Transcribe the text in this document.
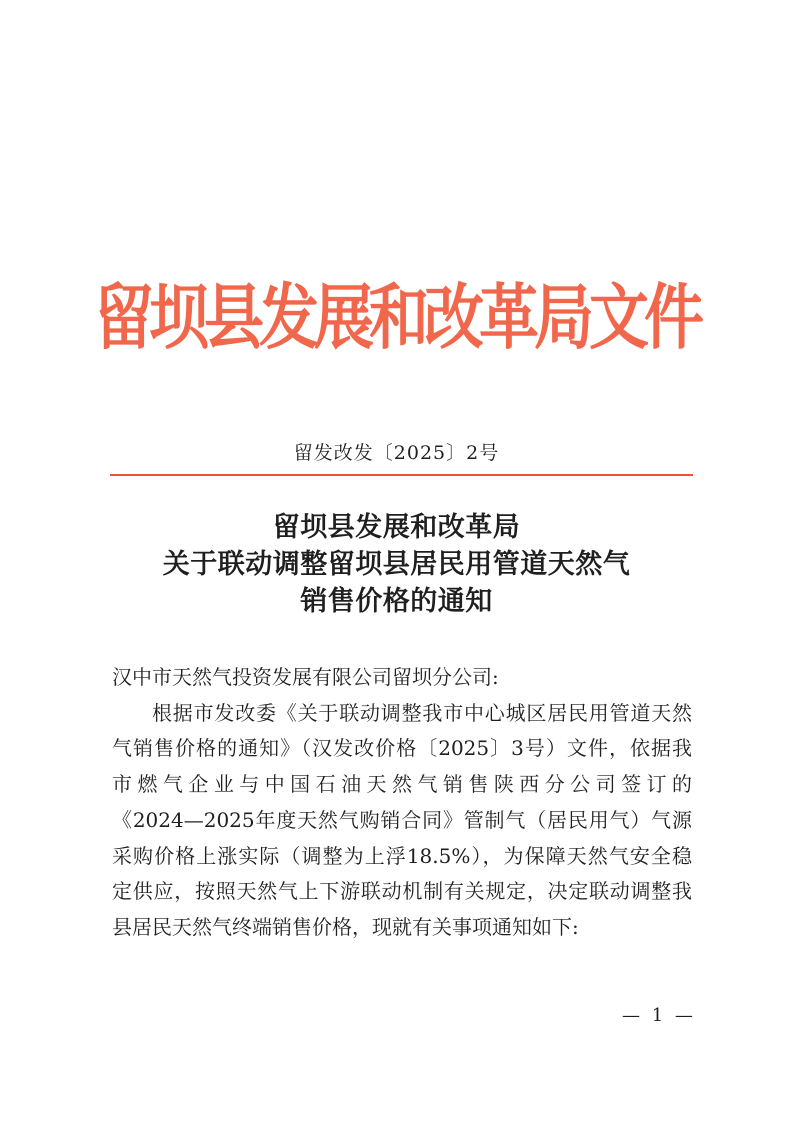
留坝县发展和改革局文件
留发改发〔2025〕2号
留坝县发展和改革局
关于联动调整留坝县居民用管道天然气
销售价格的通知
汉中市天然气投资发展有限公司留坝分公司:
根据市发改委《关于联动调整我市中心城区居民用管道天然
气销售价格的通知》（汉发改价格〔2025〕3号）文件，依据我
市燃气企业与中国石油天然气销售陕西分公司签订的
《2024—2025年度天然气购销合同》管制气（居民用气）气源
采购价格上涨实际（调整为上浮18.5%），为保障天然气安全稳
定供应，按照天然气上下游联动机制有关规定，决定联动调整我
县居民天然气终端销售价格，现就有关事项通知如下:
— 1 —
